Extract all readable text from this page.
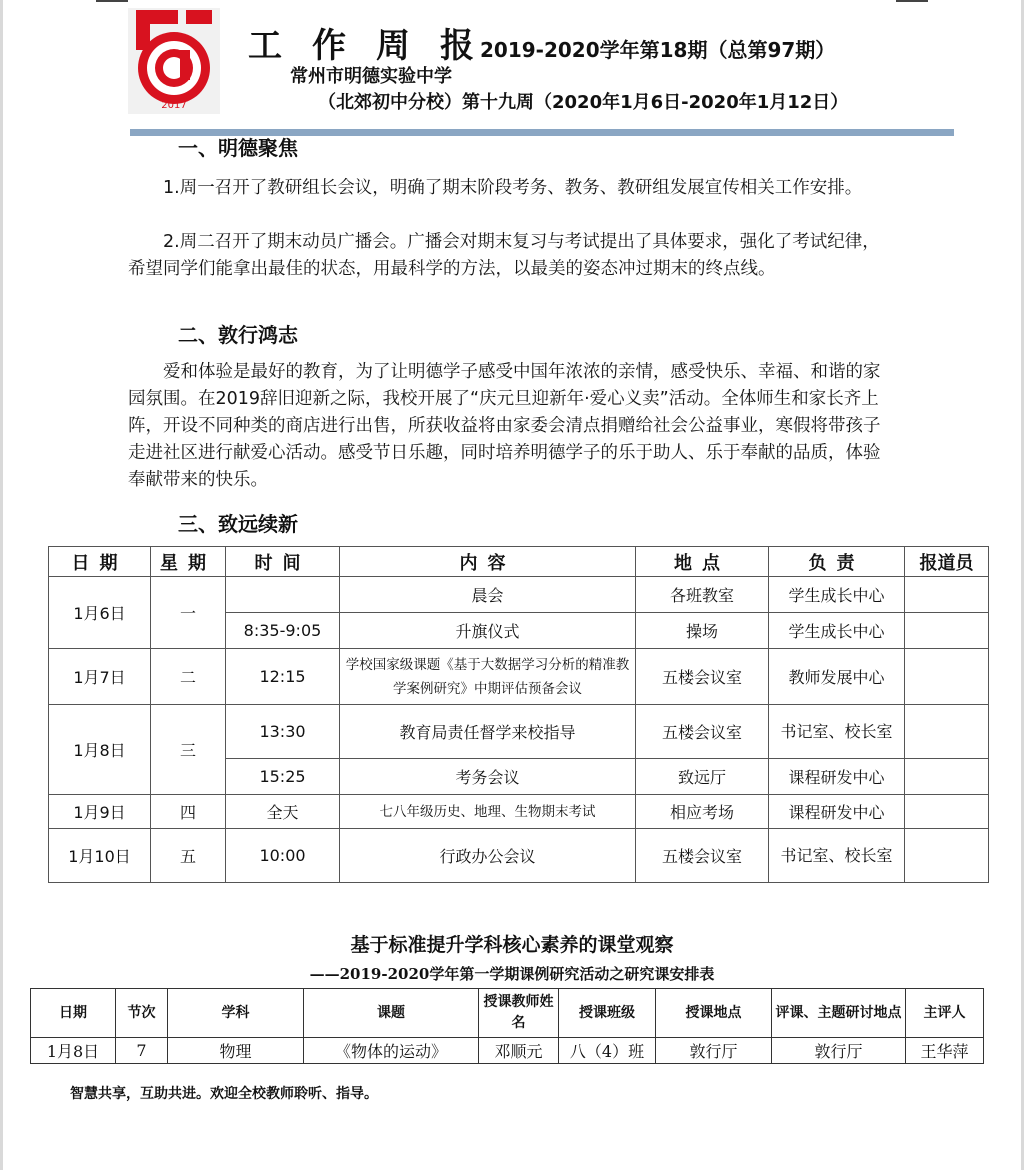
2017
工作周报2019-2020学年第18期（总第97期）
常州市明德实验中学
（北郊初中分校）第十九周（2020年1月6日-2020年1月12日）
一、明德聚焦
1.周一召开了教研组长会议，明确了期末阶段考务、教务、教研组发展宣传相关工作安排。
2.周二召开了期末动员广播会。广播会对期末复习与考试提出了具体要求，强化了考试纪律，希望同学们能拿出最佳的状态，用最科学的方法，以最美的姿态冲过期末的终点线。
二、敦行鸿志
爱和体验是最好的教育，为了让明德学子感受中国年浓浓的亲情，感受快乐、幸福、和谐的家园氛围。在2019辞旧迎新之际，我校开展了“庆元旦迎新年·爱心义卖”活动。全体师生和家长齐上阵，开设不同种类的商店进行出售，所获收益将由家委会清点捐赠给社会公益事业，寒假将带孩子走进社区进行献爱心活动。感受节日乐趣，同时培养明德学子的乐于助人、乐于奉献的品质，体验奉献带来的快乐。
三、致远续新
日期	星期	时间	内容	地点	负责	报道员
1月6日	一		晨会	各班教室	学生成长中心	
		8:35-9:05	升旗仪式	操场	学生成长中心	
1月7日	二	12:15	学校国家级课题《基于大数据学习分析的精准教学案例研究》中期评估预备会议	五楼会议室	教师发展中心	
1月8日	三	13:30	教育局责任督学来校指导	五楼会议室	书记室、校长室	
		15:25	考务会议	致远厅	课程研发中心	
1月9日	四	全天	七八年级历史、地理、生物期末考试	相应考场	课程研发中心	
1月10日	五	10:00	行政办公会议	五楼会议室	书记室、校长室	
基于标准提升学科核心素养的课堂观察
——2019-2020学年第一学期课例研究活动之研究课安排表
日期	节次	学科	课题	授课教师姓名	授课班级	授课地点	评课、主题研讨地点	主评人
1月8日	7	物理	《物体的运动》	邓顺元	八（4）班	敦行厅	敦行厅	王华萍
智慧共享，互助共进。欢迎全校教师聆听、指导。
